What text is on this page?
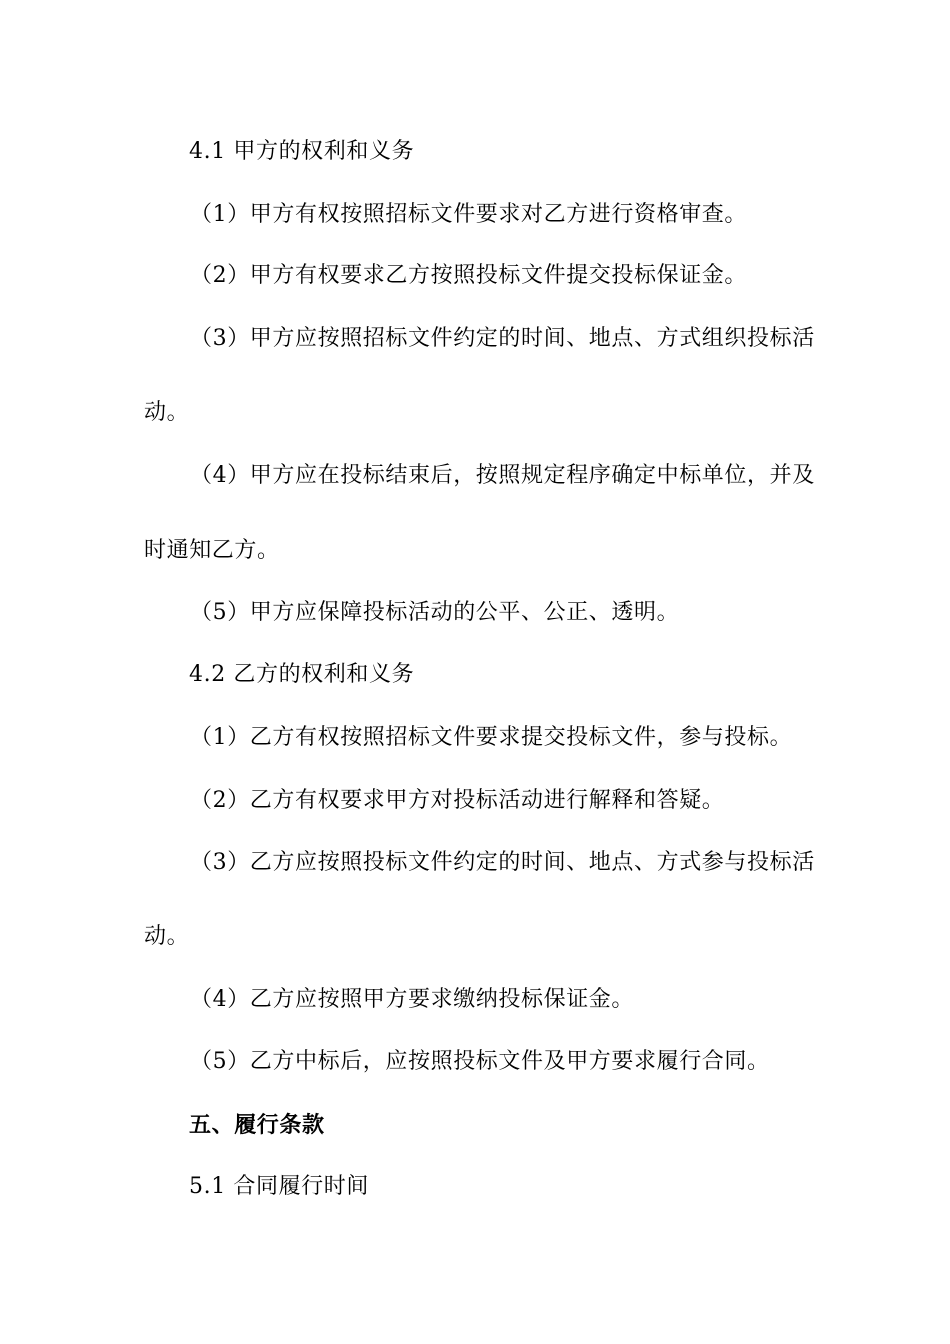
4.1 甲方的权利和义务
（1）甲方有权按照招标文件要求对乙方进行资格审查。
（2）甲方有权要求乙方按照投标文件提交投标保证金。
（3）甲方应按照招标文件约定的时间、地点、方式组织投标活
动。
（4）甲方应在投标结束后，按照规定程序确定中标单位，并及
时通知乙方。
（5）甲方应保障投标活动的公平、公正、透明。
4.2 乙方的权利和义务
（1）乙方有权按照招标文件要求提交投标文件，参与投标。
（2）乙方有权要求甲方对投标活动进行解释和答疑。
（3）乙方应按照投标文件约定的时间、地点、方式参与投标活
动。
（4）乙方应按照甲方要求缴纳投标保证金。
（5）乙方中标后，应按照投标文件及甲方要求履行合同。
五、履行条款
5.1 合同履行时间
